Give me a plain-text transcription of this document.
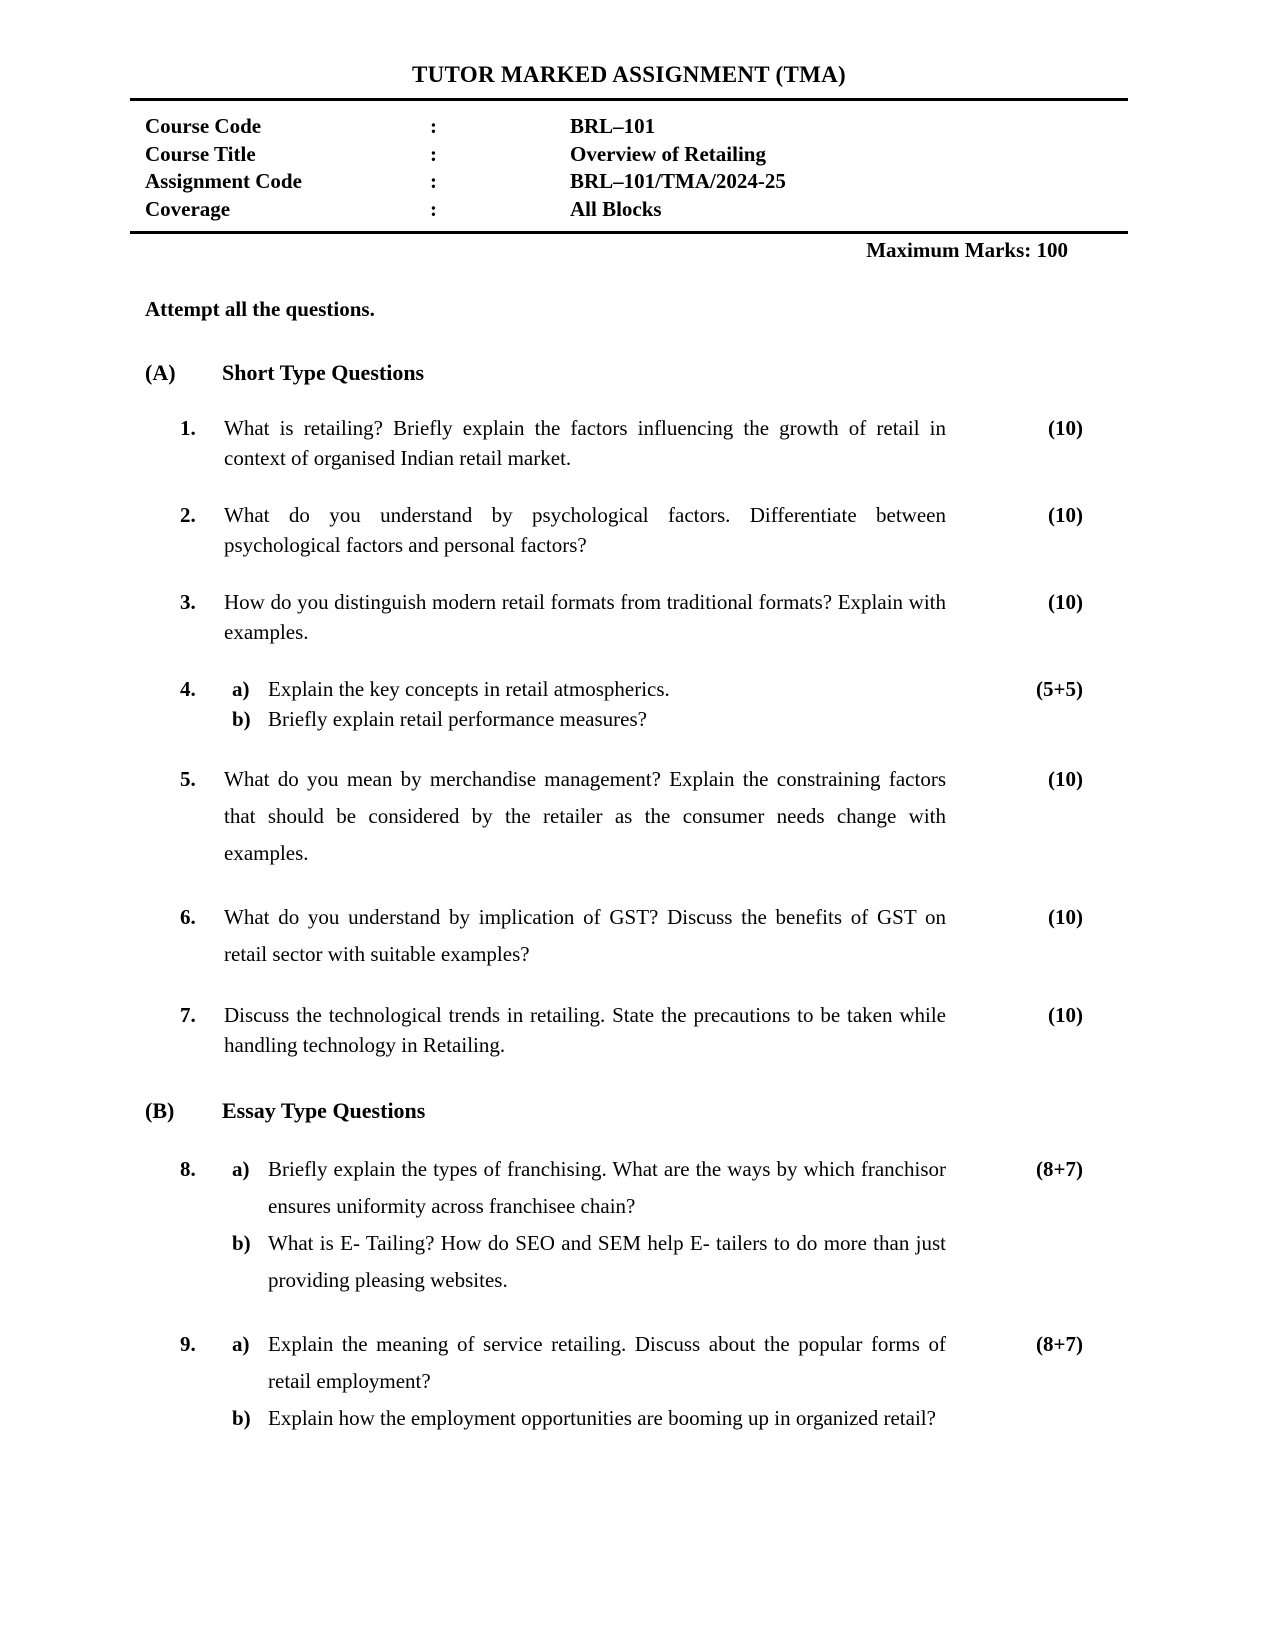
TUTOR MARKED ASSIGNMENT (TMA)
Course Code	:	BRL–101
Course Title	:	Overview of Retailing
Assignment Code	:	BRL–101/TMA/2024-25
Coverage	:	All Blocks
Maximum Marks: 100

Attempt all the questions.

(A)	Short Type Questions
1.	What is retailing? Briefly explain the factors influencing the growth of retail in context of organised Indian retail market.
(10)
2.	What do you understand by psychological factors. Differentiate between psychological factors and personal factors?
(10)
3.	How do you distinguish modern retail formats from traditional formats? Explain with examples.
(10)
4.	a) Explain the key concepts in retail atmospherics.
b) Briefly explain retail performance measures?
(5+5)
5.	What do you mean by merchandise management? Explain the constraining factors that should be considered by the retailer as the consumer needs change with examples.
(10)
6.	What do you understand by implication of GST? Discuss the benefits of GST on retail sector with suitable examples?
(10)
7.	Discuss the technological trends in retailing. State the precautions to be taken while handling technology in Retailing.
(10)
(B)	Essay Type Questions
8.	a) Briefly explain the types of franchising. What are the ways by which franchisor ensures uniformity across franchisee chain?
b) What is E- Tailing? How do SEO and SEM help E- tailers to do more than just providing pleasing websites.
(8+7)
9.	a) Explain the meaning of service retailing. Discuss about the popular forms of retail employment?
b) Explain how the employment opportunities are booming up in organized retail?
(8+7)
